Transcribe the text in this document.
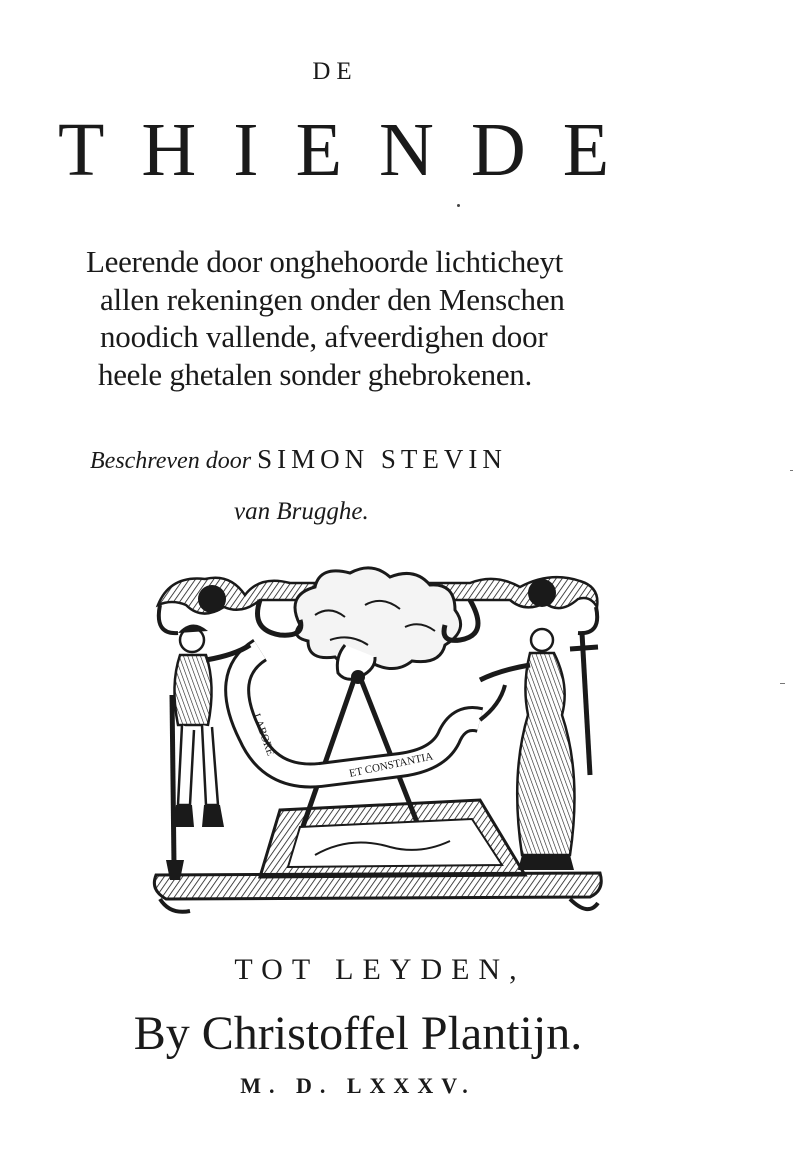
DE
THIENDE
Leerende door onghehoorde lichticheyt
allen rekeningen onder den Menschen
noodich vallende, afveerdighen door
heele ghetalen sonder ghebrokenen.
Beschreven door SIMON STEVIN
van Brugghe.
LABORE
ET CONSTANTIA
TOT LEYDEN,
By Christoffel Plantijn.
M. D. LXXXV.
